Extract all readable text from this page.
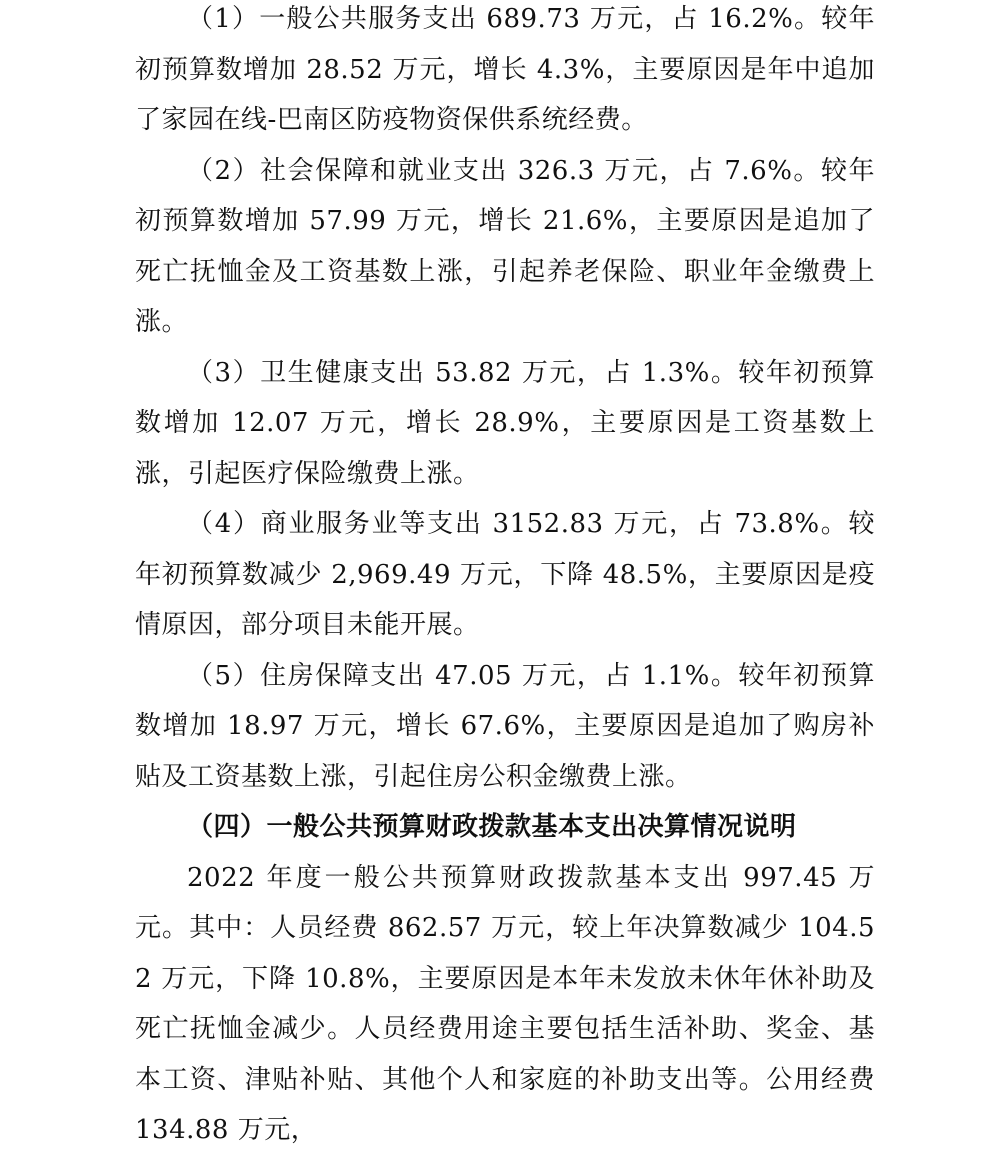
（1）一般公共服务支出 689.73 万元，占 16.2%。较年初预算数增加 28.52 万元，增长 4.3%，主要原因是年中追加了家园在线-巴南区防疫物资保供系统经费。

（2）社会保障和就业支出 326.3 万元，占 7.6%。较年初预算数增加 57.99 万元，增长 21.6%，主要原因是追加了死亡抚恤金及工资基数上涨，引起养老保险、职业年金缴费上涨。

（3）卫生健康支出 53.82 万元，占 1.3%。较年初预算数增加 12.07 万元，增长 28.9%，主要原因是工资基数上涨，引起医疗保险缴费上涨。

（4）商业服务业等支出 3152.83 万元，占 73.8%。较年初预算数减少 2,969.49 万元，下降 48.5%，主要原因是疫情原因，部分项目未能开展。

（5）住房保障支出 47.05 万元，占 1.1%。较年初预算数增加 18.97 万元，增长 67.6%，主要原因是追加了购房补贴及工资基数上涨，引起住房公积金缴费上涨。

（四）一般公共预算财政拨款基本支出决算情况说明

2022 年度一般公共预算财政拨款基本支出 997.45 万元。其中：人员经费 862.57 万元，较上年决算数减少 104.52 万元，下降 10.8%，主要原因是本年未发放未休年休补助及死亡抚恤金减少。人员经费用途主要包括生活补助、奖金、基本工资、津贴补贴、其他个人和家庭的补助支出等。公用经费 134.88 万元，
